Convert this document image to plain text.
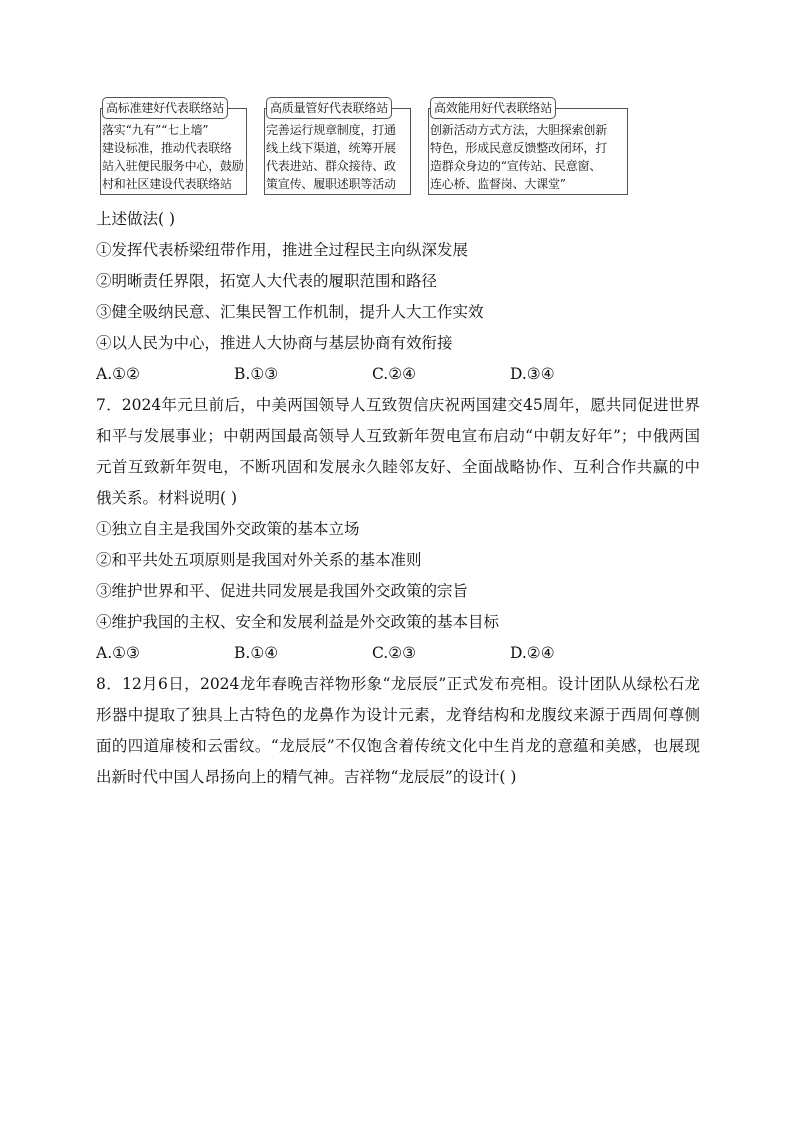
高标准建好代表联络站
落实“九有”“七上墙”
建设标准，推动代表联络
站入驻便民服务中心，鼓励
村和社区建设代表联络站
高质量管好代表联络站
完善运行规章制度，打通
线上线下渠道，统筹开展
代表进站、群众接待、政
策宣传、履职述职等活动
高效能用好代表联络站
创新活动方式方法，大胆探索创新
特色，形成民意反馈整改闭环，打
造群众身边的“宣传站、民意窗、
连心桥、监督岗、大课堂”
上述做法( )
①发挥代表桥梁纽带作用，推进全过程民主向纵深发展
②明晰责任界限，拓宽人大代表的履职范围和路径
③健全吸纳民意、汇集民智工作机制，提升人大工作实效
④以人民为中心，推进人大协商与基层协商有效衔接
A.①②	B.①③	C.②④	D.③④
7．2024年元旦前后，中美两国领导人互致贺信庆祝两国建交45周年，愿共同促进世界和平与发展事业；中朝两国最高领导人互致新年贺电宣布启动“中朝友好年”；中俄两国元首互致新年贺电，不断巩固和发展永久睦邻友好、全面战略协作、互利合作共赢的中俄关系。材料说明( )
①独立自主是我国外交政策的基本立场
②和平共处五项原则是我国对外关系的基本准则
③维护世界和平、促进共同发展是我国外交政策的宗旨
④维护我国的主权、安全和发展利益是外交政策的基本目标
A.①③	B.①④	C.②③	D.②④
8．12月6日，2024龙年春晚吉祥物形象“龙辰辰”正式发布亮相。设计团队从绿松石龙形器中提取了独具上古特色的龙鼻作为设计元素，龙脊结构和龙腹纹来源于西周何尊侧面的四道扉棱和云雷纹。“龙辰辰”不仅饱含着传统文化中生肖龙的意蕴和美感，也展现出新时代中国人昂扬向上的精气神。吉祥物“龙辰辰”的设计( )
